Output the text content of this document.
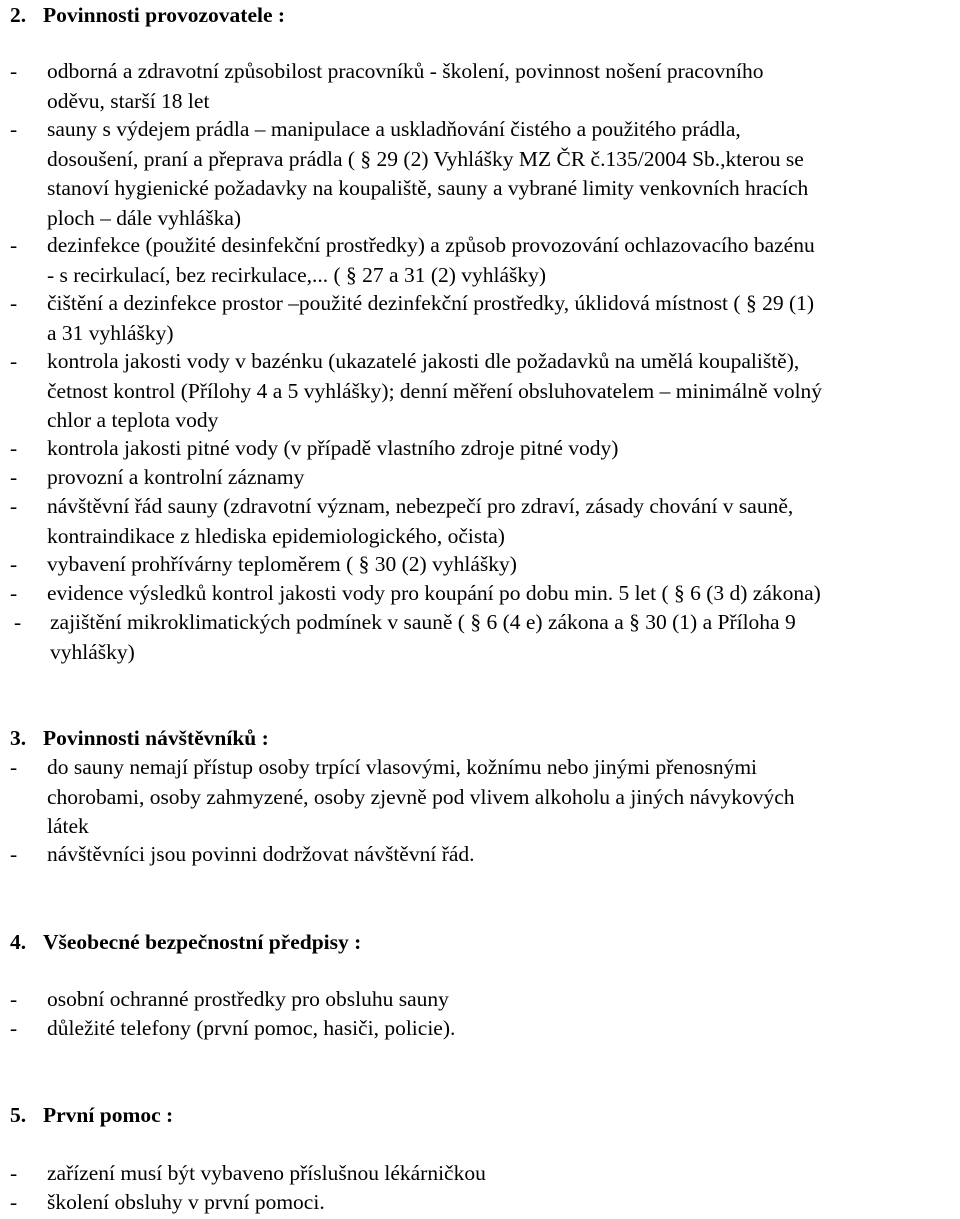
2. Povinnosti provozovatele :
- odborná a zdravotní způsobilost pracovníků - školení, povinnost nošení pracovního
oděvu, starší 18 let
- sauny s výdejem prádla – manipulace a uskladňování čistého a použitého prádla,
dosoušení, praní a přeprava prádla ( § 29 (2) Vyhlášky MZ ČR č.135/2004 Sb.,kterou se
stanoví hygienické požadavky na koupaliště, sauny a vybrané limity venkovních hracích
ploch – dále vyhláška)
- dezinfekce (použité desinfekční prostředky) a způsob provozování ochlazovacího bazénu
- s recirkulací, bez recirkulace,... ( § 27 a 31 (2) vyhlášky)
- čištění a dezinfekce prostor –použité dezinfekční prostředky, úklidová místnost ( § 29 (1)
a 31 vyhlášky)
- kontrola jakosti vody v bazénku (ukazatelé jakosti dle požadavků na umělá koupaliště),
četnost kontrol (Přílohy 4 a 5 vyhlášky); denní měření obsluhovatelem – minimálně volný
chlor a teplota vody
- kontrola jakosti pitné vody (v případě vlastního zdroje pitné vody)
- provozní a kontrolní záznamy
- návštěvní řád sauny (zdravotní význam, nebezpečí pro zdraví, zásady chování v sauně,
kontraindikace z hlediska epidemiologického, očista)
- vybavení prohřívárny teploměrem ( § 30 (2) vyhlášky)
- evidence výsledků kontrol jakosti vody pro koupání po dobu min. 5 let ( § 6 (3 d) zákona)
- zajištění mikroklimatických podmínek v sauně ( § 6 (4 e) zákona a § 30 (1) a Příloha 9
vyhlášky)
3. Povinnosti návštěvníků :
- do sauny nemají přístup osoby trpící vlasovými, kožnímu nebo jinými přenosnými
chorobami, osoby zahmyzené, osoby zjevně pod vlivem alkoholu a jiných návykových
látek
- návštěvníci jsou povinni dodržovat návštěvní řád.
4. Všeobecné bezpečnostní předpisy :
- osobní ochranné prostředky pro obsluhu sauny
- důležité telefony (první pomoc, hasiči, policie).
5. První pomoc :
- zařízení musí být vybaveno příslušnou lékárničkou
- školení obsluhy v první pomoci.
